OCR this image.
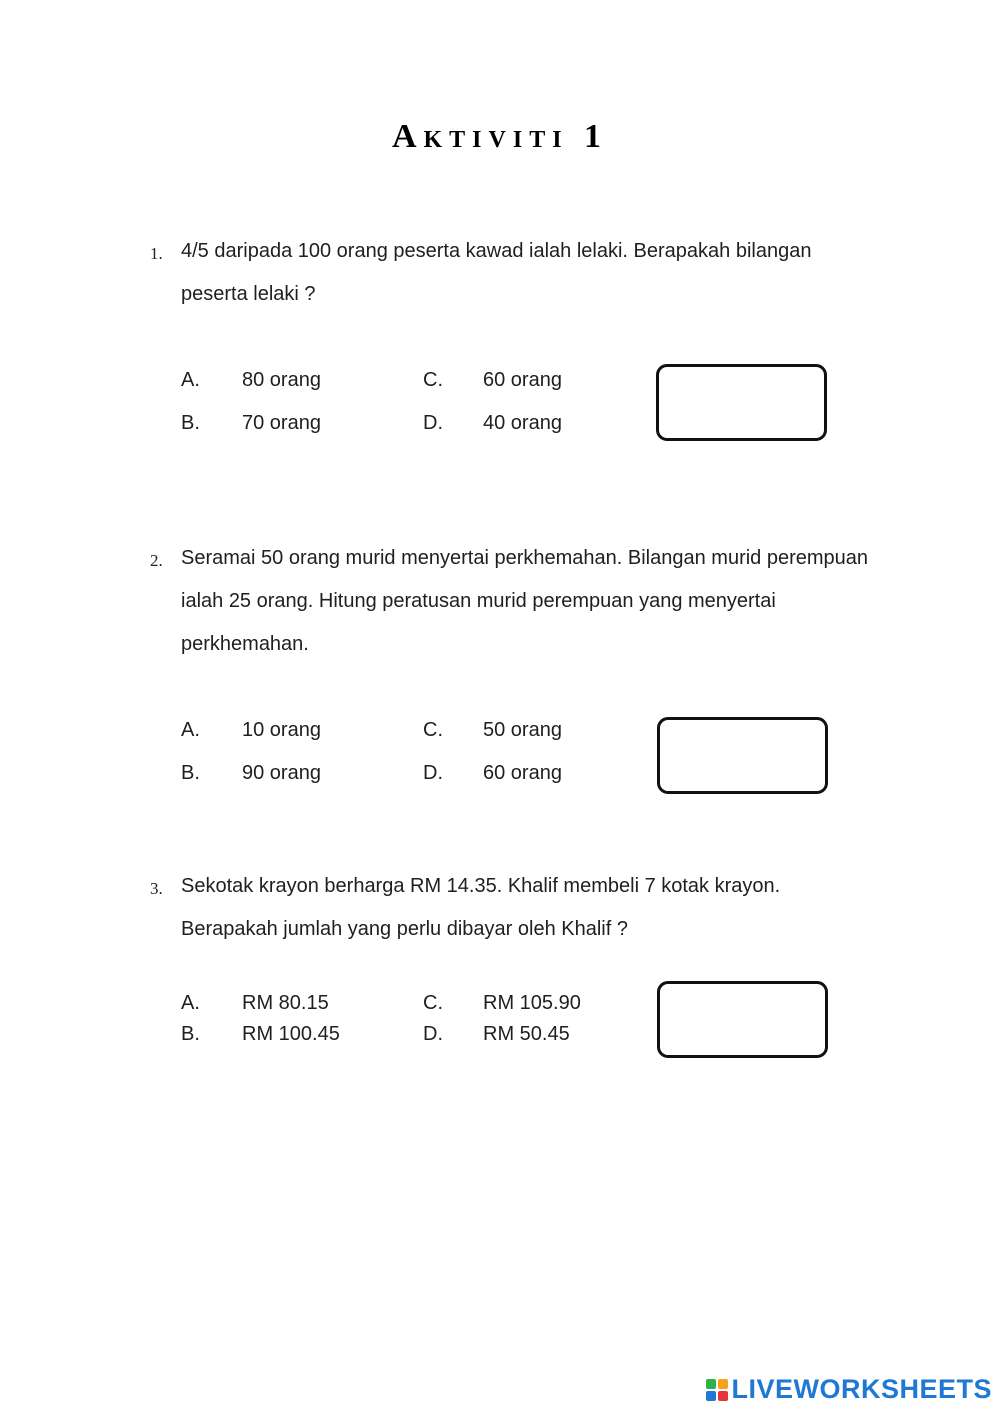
Aktiviti 1
1. 4/5 daripada 100 orang peserta kawad ialah lelaki. Berapakah bilangan peserta lelaki ?
A. 80 orang
B. 70 orang
C. 60 orang
D. 40 orang
2. Seramai 50 orang murid menyertai perkhemahan. Bilangan murid perempuan ialah 25 orang. Hitung peratusan murid perempuan yang menyertai perkhemahan.
A. 10 orang
B. 90 orang
C. 50 orang
D. 60 orang
3. Sekotak krayon berharga RM 14.35. Khalif membeli 7 kotak krayon. Berapakah jumlah yang perlu dibayar oleh Khalif ?
A. RM 80.15
B. RM 100.45
C. RM 105.90
D. RM 50.45
LIVEWORKSHEETS
